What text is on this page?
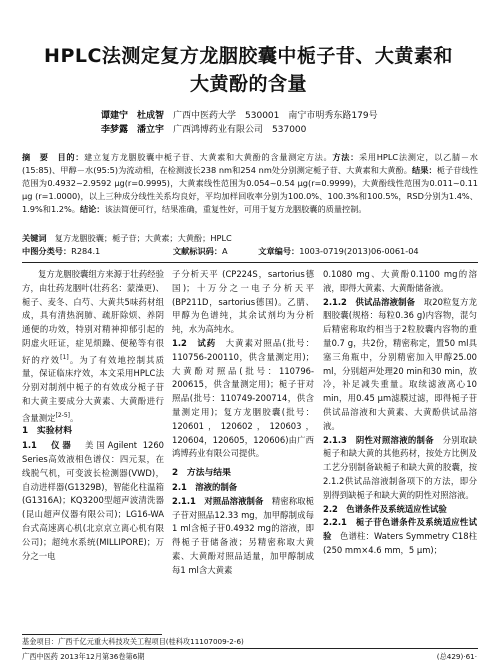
HPLC法测定复方龙胭胶囊中栀子苷、大黄素和
大黄酚的含量
谭建宁　杜成智　 广西中医药大学　530001　南宁市明秀东路179号
李梦露　潘立宇　 广西鸿博药业有限公司　537000
摘　要　 目的：建立复方龙胭胶囊中栀子苷、大黄素和大黄酚的含量测定方法。方法：采用HPLC法测定，以乙腈－水(15:85)、甲醇－水(95:5)为流动相，在检测波长238 nm和254 nm处分别测定栀子苷、大黄素和大黄酚。结果：栀子苷线性范围为0.4932~2.9592 μg(r=0.9995)，大黄素线性范围为0.054~0.54 μg(r=0.9999)，大黄酚线性范围为0.011~0.11 μg (r=1.0000)，以上三种成分线性关系均良好，平均加样回收率分别为100.0%、100.3%和100.5%，RSD分别为1.4%、1.9%和1.2%。结论：该法简便可行，结果准确，重复性好，可用于复方龙胭胶囊的质量控制。
关键词　 复方龙胭胶囊；栀子苷；大黄素；大黄酚；HPLC
中图分类号：R284.1	文献标识码：A	文章编号：1003-0719(2013)06-0061-04

复方龙胭胶囊组方来源于壮药经验方，由壮药龙胭叶(壮药名：蒙澡更)、栀子、麦冬、白芍、大黄共5味药材组成，具有清热润肺、疏肝除烦、养阴通便的功效，特别对精神抑郁引起的阴虚火旺证，症见烦躁、便秘等有很好的疗效[1]。为了有效地控制其质量，保证临床疗效，本文采用HPLC法分别对制剂中栀子的有效成分栀子苷和大黄主要成分大黄素、大黄酚进行含量测定[2-5]。

1　实验材料

1.1　仪器　 美国Agilent 1260 Series高效液相色谱仪：四元泵，在线脱气机，可变波长检测器(VWD)，自动进样器(G1329B)，智能化柱温箱(G1316A)；KQ3200型超声波清洗器(昆山超声仪器有限公司)；LG16-WA台式高速离心机(北京京立离心机有限公司)；超纯水系统(MILLIPORE)；万分之一电

子分析天平 (CP224S，sartorius德国)；十万分之一电子分析天平(BP211D，sartorius德国)。乙腈、甲醇为色谱纯，其余试剂均为分析纯，水为高纯水。

1.2　试药　 大黄素对照品(批号：110756-200110，供含量测定用)；大黄酚对照品(批号：110796-200615，供含量测定用)；栀子苷对照品(批号：110749-200714，供含量测定用)；复方龙胭胶囊(批号：120601，120602，120603，120604，120605，120606)由广西鸿博药业有限公司提供。

2　方法与结果

2.1　溶液的制备

2.1.1　对照品溶液制备　 精密称取栀子苷对照品12.33 mg，加甲醇制成每1 ml含栀子苷0.4932 mg的溶液，即得栀子苷储备液；另精密称取大黄素、大黄酚对照品适量，加甲醇制成每1 ml含大黄素

0.1080 mg、大黄酚0.1100 mg的溶液，即得大黄素、大黄酚储备液。

2.1.2　供试品溶液制备　 取20粒复方龙胭胶囊(规格：每粒0.36 g)内容物，混匀后精密称取约相当于2粒胶囊内容物的重量0.7 g，共2份，精密称定，置50 ml具塞三角瓶中，分别精密加入甲醇25.00 ml，分别超声处理20 min和30 min，放冷，补足减失重量。取续滤液离心10 min，用0.45 μm滤膜过滤，即得栀子苷供试品溶液和大黄素、大黄酚供试品溶液。

2.1.3　阴性对照溶液的制备　 分别取缺栀子和缺大黄的其他药材，按处方比例及工艺分别制备缺栀子和缺大黄的胶囊，按2.1.2供试品溶液制备项下的方法，即分别得到缺栀子和缺大黄的阴性对照溶液。

2.2　色谱条件及系统适应性试验

2.2.1　栀子苷色谱条件及系统适应性试验　 色谱柱：Waters Symmetry C18柱(250 mm×4.6 mm，5 μm)；

基金项目：广西千亿元重大科技攻关工程项目(桂科攻11107009-2-6)
广西中医药 2013年12月第36卷第6期	(总429)·61·
